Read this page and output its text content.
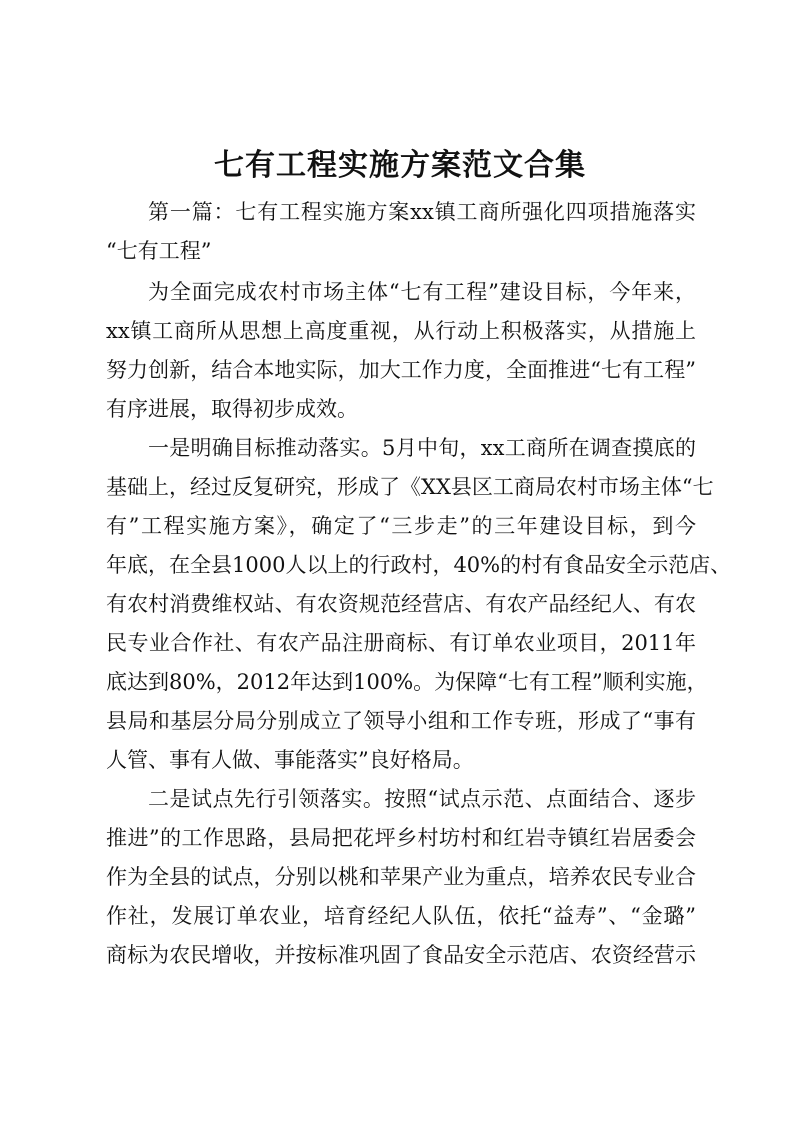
七有工程实施方案范文合集

第一篇：七有工程实施方案xx镇工商所强化四项措施落实

“七有工程”

为全面完成农村市场主体“七有工程”建设目标，今年来，

xx镇工商所从思想上高度重视，从行动上积极落实，从措施上

努力创新，结合本地实际，加大工作力度，全面推进“七有工程”

有序进展，取得初步成效。

一是明确目标推动落实。5月中旬，xx工商所在调查摸底的

基础上，经过反复研究，形成了《XX县区工商局农村市场主体“七

有”工程实施方案》，确定了“三步走”的三年建设目标，到今

年底，在全县1000人以上的行政村，40%的村有食品安全示范店、

有农村消费维权站、有农资规范经营店、有农产品经纪人、有农

民专业合作社、有农产品注册商标、有订单农业项目，2011年

底达到80%，2012年达到100%。为保障“七有工程”顺利实施，

县局和基层分局分别成立了领导小组和工作专班，形成了“事有

人管、事有人做、事能落实”良好格局。

二是试点先行引领落实。按照“试点示范、点面结合、逐步

推进”的工作思路，县局把花坪乡村坊村和红岩寺镇红岩居委会

作为全县的试点，分别以桃和苹果产业为重点，培养农民专业合

作社，发展订单农业，培育经纪人队伍，依托“益寿”、“金璐”

商标为农民增收，并按标准巩固了食品安全示范店、农资经营示
